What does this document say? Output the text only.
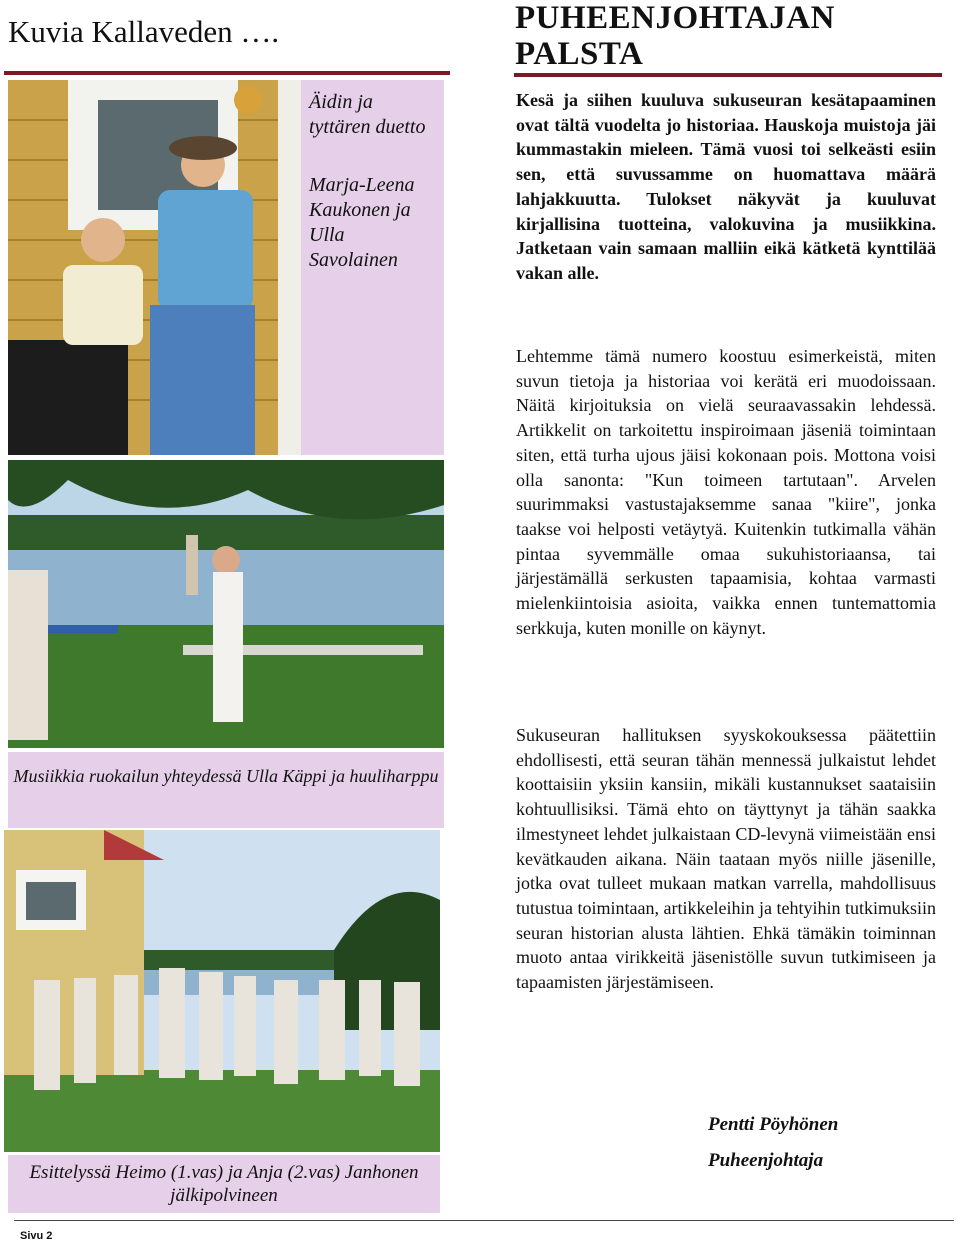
Kuvia Kallaveden ….
Äidin ja
tyttären duetto
Marja-Leena
Kaukonen ja
Ulla
Savolainen
Musiikkia ruokailun yhteydessä Ulla Käppi ja huuliharppu
Esittelyssä Heimo (1.vas) ja Anja (2.vas) Janhonen jälkipolvineen
PUHEENJOHTAJAN
PALSTA
Kesä ja siihen kuuluva sukuseuran kesätapaaminen ovat tältä vuodelta jo historiaa. Hauskoja muistoja jäi kummastakin mieleen. Tämä vuosi toi selkeästi esiin sen, että suvussamme on huomattava määrä lahjakkuutta. Tulokset näkyvät ja kuuluvat kirjallisina tuotteina, valokuvina ja musiikkina. Jatketaan vain samaan malliin eikä kätketä kynttilää vakan alle.
Lehtemme tämä numero koostuu esimerkeistä, miten suvun tietoja ja historiaa voi kerätä eri muodoissaan. Näitä kirjoituksia on vielä seuraavassakin lehdessä. Artikkelit on tarkoitettu inspiroimaan jäseniä toimintaan siten, että turha ujous jäisi kokonaan pois. Mottona voisi olla sanonta: "Kun toimeen tartutaan". Arvelen suurimmaksi vastustajaksemme sanaa "kiire", jonka taakse voi helposti vetäytyä. Kuitenkin tutkimalla vähän pintaa syvemmälle omaa sukuhistoriaansa, tai järjestämällä serkusten tapaamisia, kohtaa varmasti mielenkiintoisia asioita, vaikka ennen tuntemattomia serkkuja, kuten monille on käynyt.
Sukuseuran hallituksen syyskokouksessa päätettiin ehdollisesti, että seuran tähän mennessä julkaistut lehdet koottaisiin yksiin kansiin, mikäli kustannukset saataisiin kohtuullisiksi. Tämä ehto on täyttynyt ja tähän saakka ilmestyneet lehdet julkaistaan CD-levynä viimeistään ensi kevätkauden aikana. Näin taataan myös niille jäsenille, jotka ovat tulleet mukaan matkan varrella, mahdollisuus tutustua toimintaan, artikkeleihin ja tehtyihin tutkimuksiin seuran historian alusta lähtien. Ehkä tämäkin toiminnan muoto antaa virikkeitä jäsenistölle suvun tutkimiseen ja tapaamisten järjestämiseen.
Pentti Pöyhönen
Puheenjohtaja
Sivu 2
